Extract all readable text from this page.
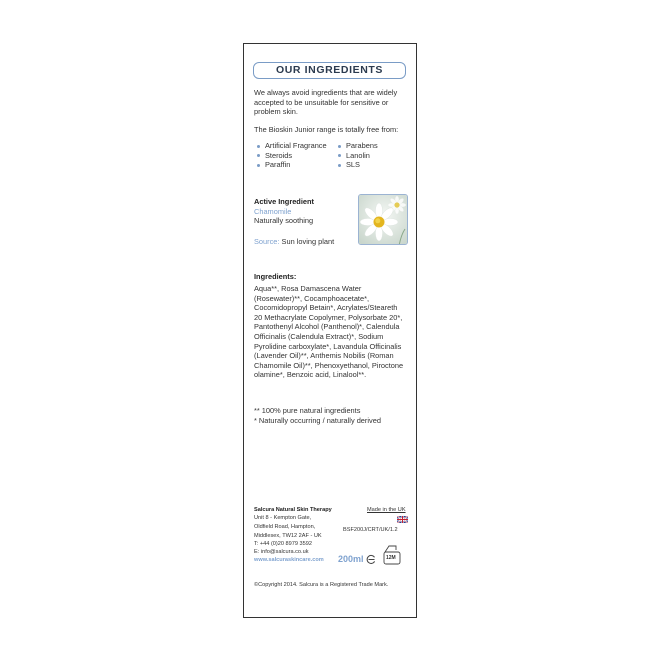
OUR INGREDIENTS
We always avoid ingredients that are widely accepted to be unsuitable for sensitive or problem skin.
The Bioskin Junior range is totally free from:
Artificial Fragrance
Steroids
Paraffin
Parabens
Lanolin
SLS
Active Ingredient
Chamomile
Naturally soothing
Source: Sun loving plant
Ingredients:
Aqua**, Rosa Damascena Water (Rosewater)**, Cocamphoacetate*, Cocomidopropyl Betain*, Acrylates/Steareth 20 Methacrylate Copolymer, Polysorbate 20*, Pantothenyl Alcohol (Panthenol)*, Calendula Officinalis (Calendula Extract)*, Sodium Pyrolidine carboxylate*, Lavandula Officinalis (Lavender Oil)**, Anthemis Nobilis (Roman Chamomile Oil)**, Phenoxyethanol, Piroctone olamine*, Benzoic acid, Linalool**.
** 100% pure natural ingredients
* Naturally occurring / naturally derived
Salcura Natural Skin Therapy
Unit 8 - Kempton Gate,
Oldfield Road, Hampton,
Middlesex, TW12 2AF - UK
T: +44 (0)20 8979 3592
E: info@salcura.co.uk
www.salcuraskincare.com
Made in the UK
BSF200J/CRT/UK/1.2
200ml	12M
©Copyright 2014. Salcura is a Registered Trade Mark.
